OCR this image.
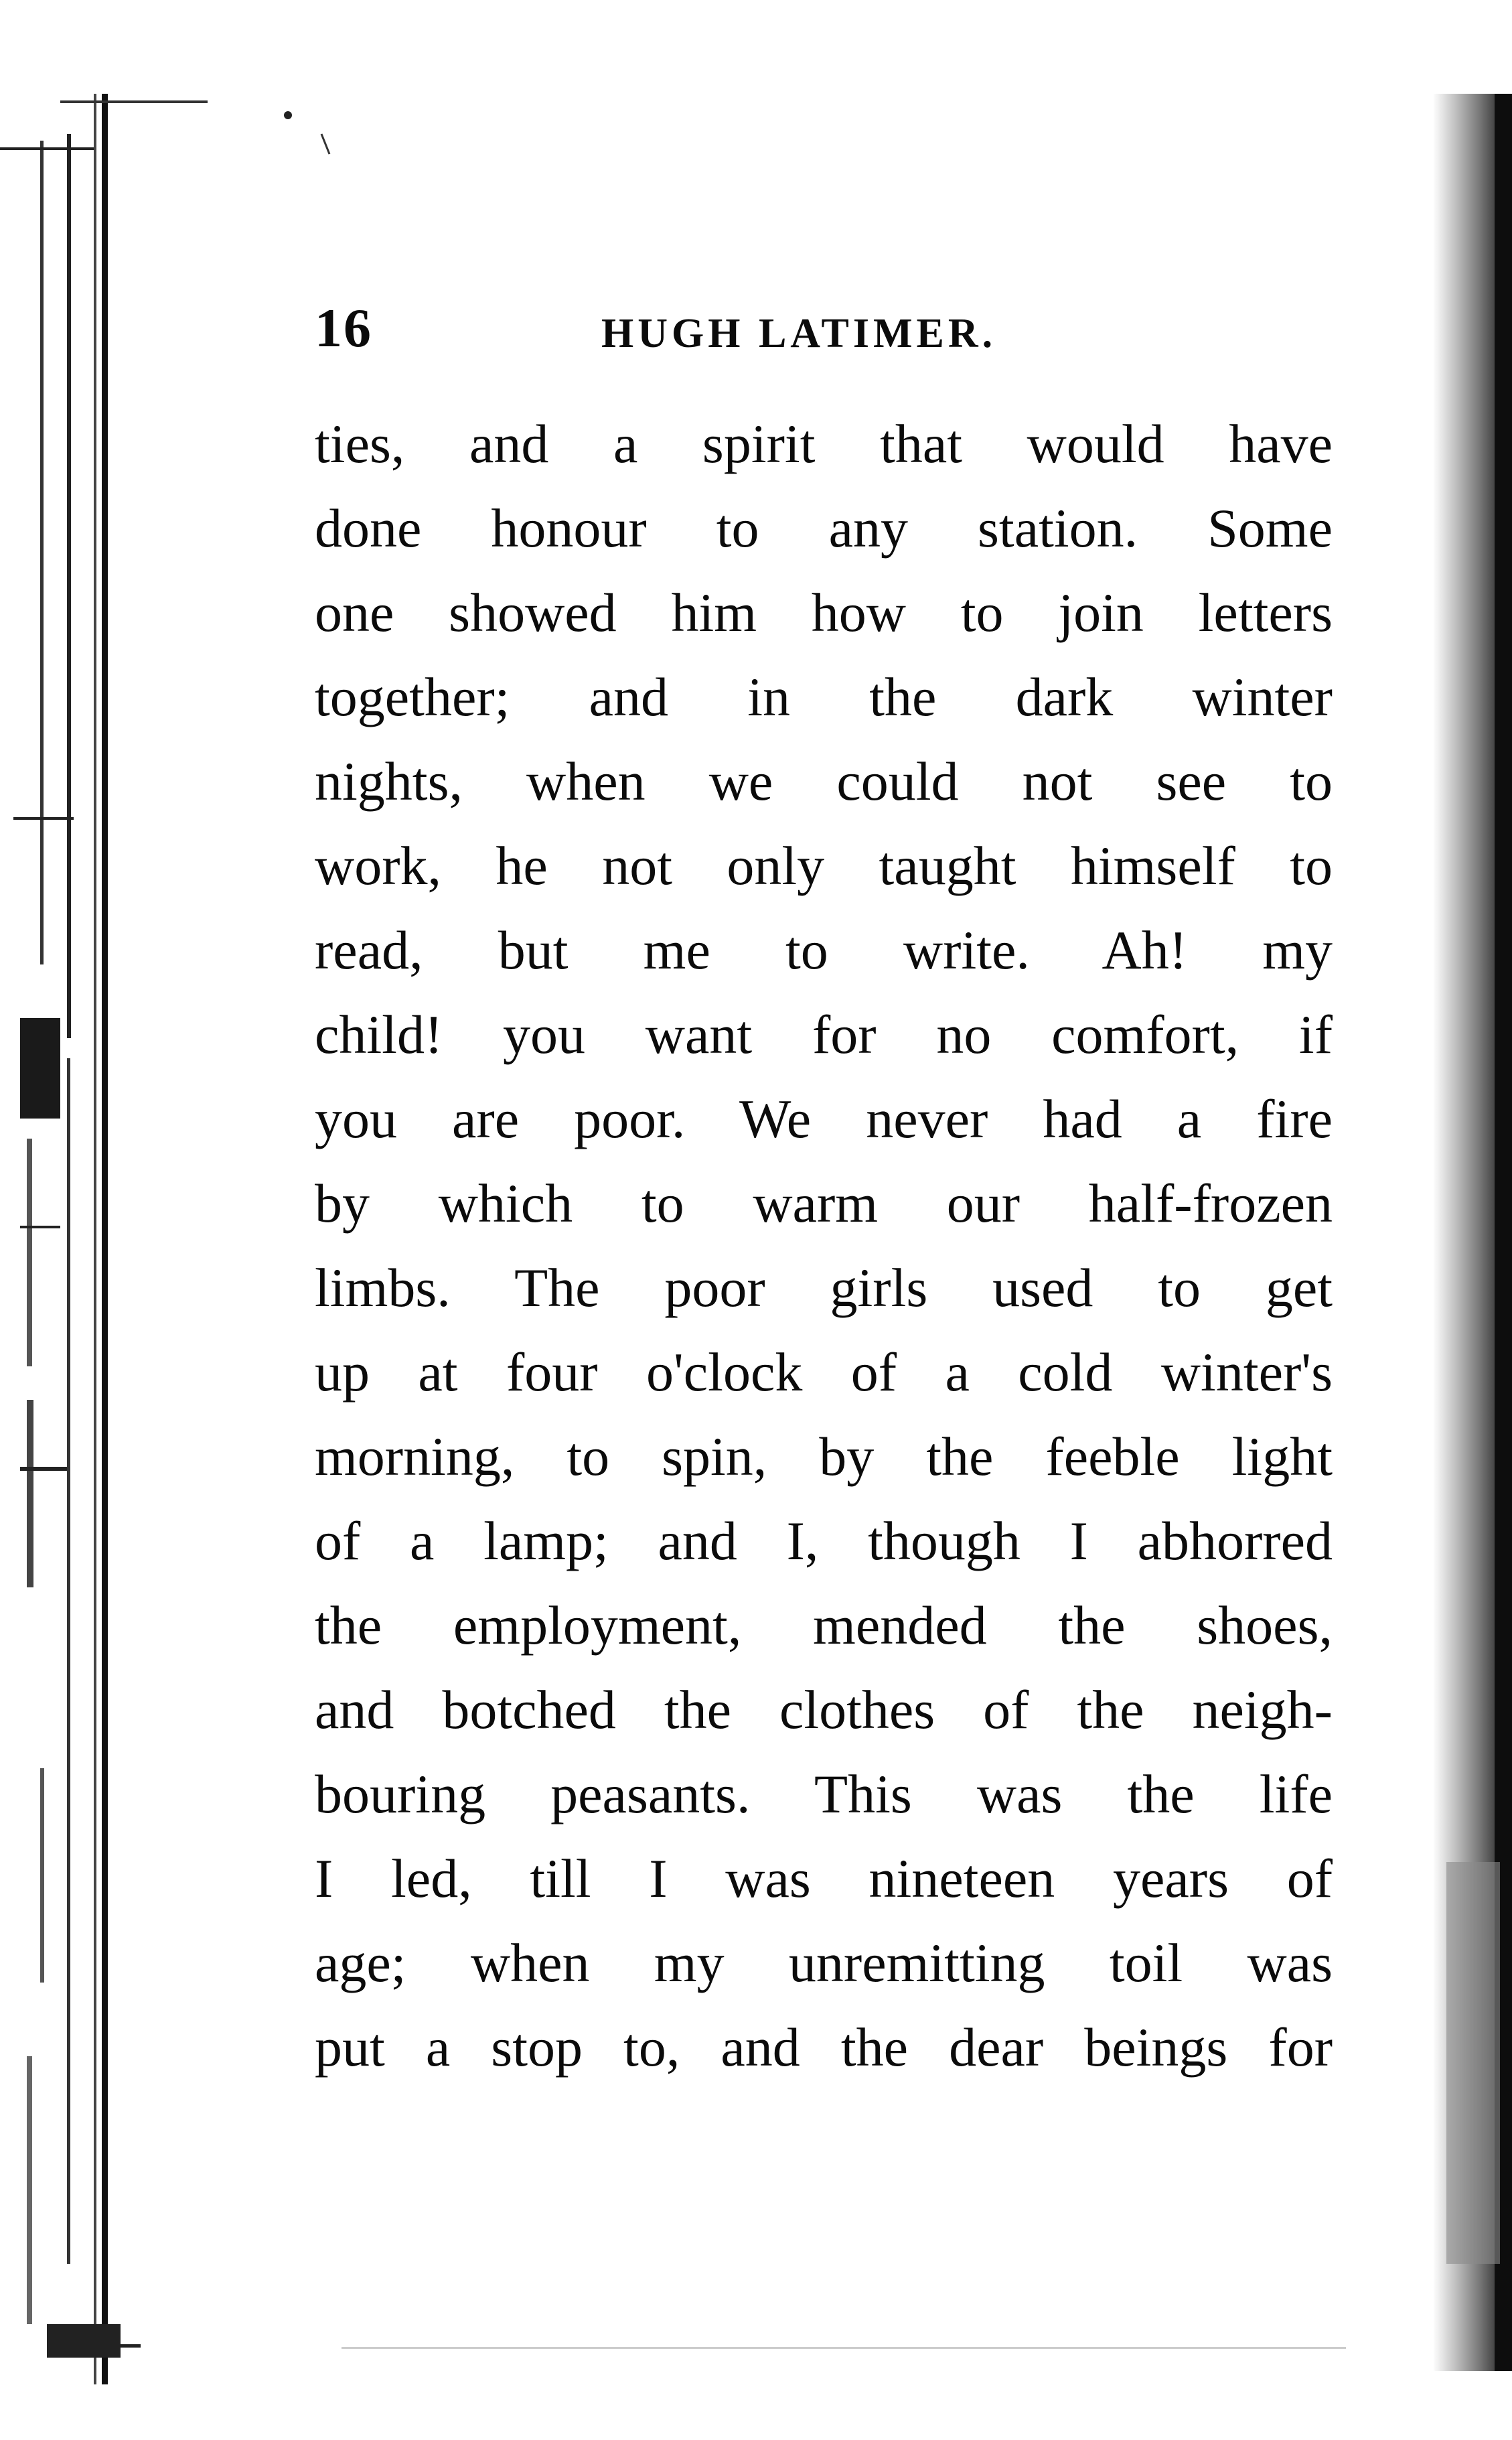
16	HUGH LATIMER.
ties, and a spirit that would have
done honour to any station. Some
one showed him how to join letters
together; and in the dark winter
nights, when we could not see to
work, he not only taught himself to
read, but me to write. Ah! my
child! you want for no comfort, if
you are poor. We never had a fire
by which to warm our half-frozen
limbs. The poor girls used to get
up at four o'clock of a cold winter's
morning, to spin, by the feeble light
of a lamp; and I, though I abhorred
the employment, mended the shoes,
and botched the clothes of the neigh-
bouring peasants. This was the life
I led, till I was nineteen years of
age; when my unremitting toil was
put a stop to, and the dear beings for
